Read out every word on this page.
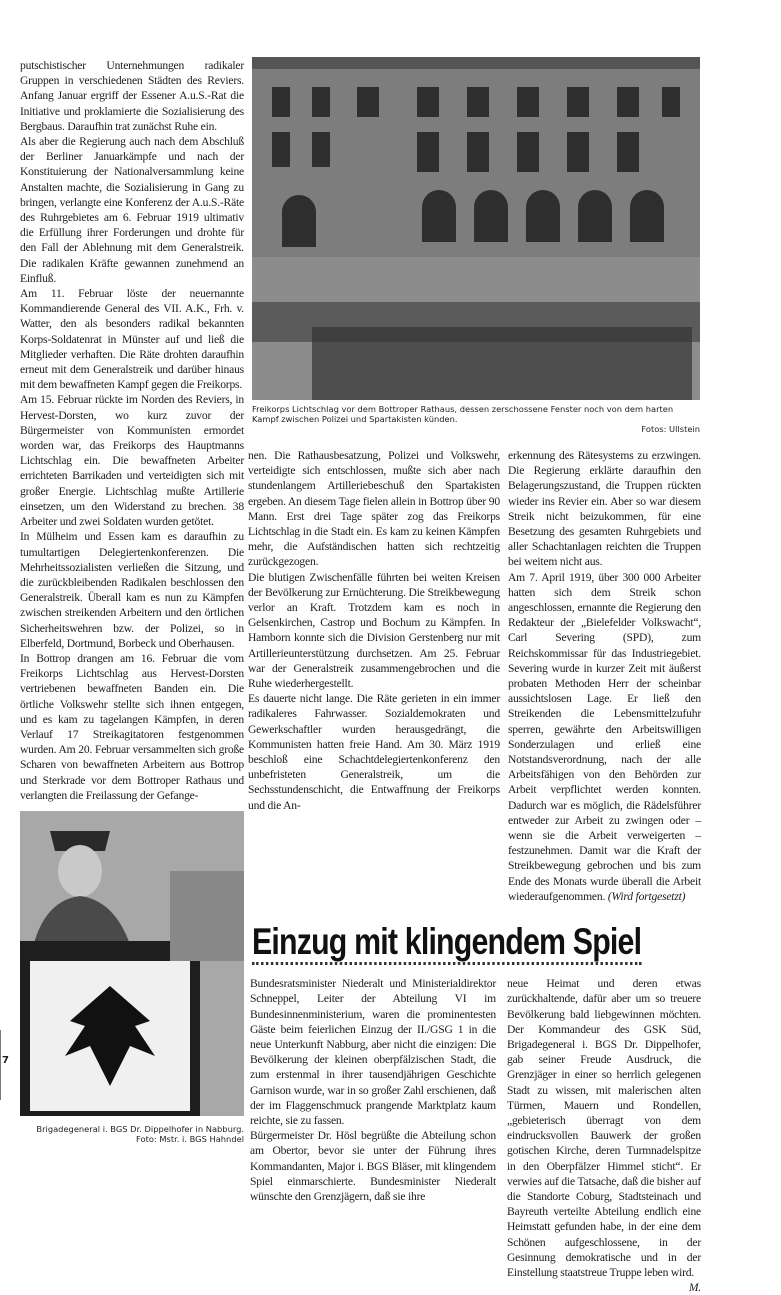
putschistischer Unternehmungen radikaler Gruppen in verschiedenen Städten des Reviers. Anfang Januar ergriff der Essener A.u.S.-Rat die Initiative und proklamierte die Sozialisierung des Bergbaus. Daraufhin trat zunächst Ruhe ein.

Als aber die Regierung auch nach dem Abschluß der Berliner Januarkämpfe und nach der Konstituierung der Nationalversammlung keine Anstalten machte, die Sozialisierung in Gang zu bringen, verlangte eine Konferenz der A.u.S.-Räte des Ruhrgebietes am 6. Februar 1919 ultimativ die Erfüllung ihrer Forderungen und drohte für den Fall der Ablehnung mit dem Generalstreik. Die radikalen Kräfte gewannen zunehmend an Einfluß.

Am 11. Februar löste der neuernannte Kommandierende General des VII. A.K., Frh. v. Watter, den als besonders radikal bekannten Korps-Soldatenrat in Münster auf und ließ die Mitglieder verhaften. Die Räte drohten daraufhin erneut mit dem Generalstreik und darüber hinaus mit dem bewaffneten Kampf gegen die Freikorps.

Am 15. Februar rückte im Norden des Reviers, in Hervest-Dorsten, wo kurz zuvor der Bürgermeister von Kommunisten ermordet worden war, das Freikorps des Hauptmanns Lichtschlag ein. Die bewaffneten Arbeiter errichteten Barrikaden und verteidigten sich mit großer Energie. Lichtschlag mußte Artillerie einsetzen, um den Widerstand zu brechen. 38 Arbeiter und zwei Soldaten wurden getötet.

In Mülheim und Essen kam es daraufhin zu tumultartigen Delegiertenkonferenzen. Die Mehrheitssozialisten verließen die Sitzung, und die zurückbleibenden Radikalen beschlossen den Generalstreik. Überall kam es nun zu Kämpfen zwischen streikenden Arbeitern und den örtlichen Sicherheitswehren bzw. der Polizei, so in Elberfeld, Dortmund, Borbeck und Oberhausen.

In Bottrop drangen am 16. Februar die vom Freikorps Lichtschlag aus Hervest-Dorsten vertriebenen bewaffneten Banden ein. Die örtliche Volkswehr stellte sich ihnen entgegen, und es kam zu tagelangen Kämpfen, in deren Verlauf 17 Streikagitatoren festgenommen wurden. Am 20. Februar versammelten sich große Scharen von bewaffneten Arbeitern aus Bottrop und Sterkrade vor dem Bottroper Rathaus und verlangten die Freilassung der Gefange-

Brigadegeneral i. BGS Dr. Dippelhofer in Nabburg.
Foto: Mstr. i. BGS Hahndel
Freikorps Lichtschlag vor dem Bottroper Rathaus, dessen zerschossene Fenster noch von dem harten Kampf zwischen Polizei und Spartakisten künden.
Fotos: Ullstein

nen. Die Rathausbesatzung, Polizei und Volkswehr, verteidigte sich entschlossen, mußte sich aber nach stundenlangem Artilleriebeschuß den Spartakisten ergeben. An diesem Tage fielen allein in Bottrop über 90 Mann. Erst drei Tage später zog das Freikorps Lichtschlag in die Stadt ein. Es kam zu keinen Kämpfen mehr, die Aufständischen hatten sich rechtzeitig zurückgezogen.

Die blutigen Zwischenfälle führten bei weiten Kreisen der Bevölkerung zur Ernüchterung. Die Streikbewegung verlor an Kraft. Trotzdem kam es noch in Gelsenkirchen, Castrop und Bochum zu Kämpfen. In Hamborn konnte sich die Division Gerstenberg nur mit Artillerieunterstützung durchsetzen. Am 25. Februar war der Generalstreik zusammengebrochen und die Ruhe wiederhergestellt.

Es dauerte nicht lange. Die Räte gerieten in ein immer radikaleres Fahrwasser. Sozialdemokraten und Gewerkschaftler wurden herausgedrängt, die Kommunisten hatten freie Hand. Am 30. März 1919 beschloß eine Schachtdelegiertenkonferenz den unbefristeten Generalstreik, um die Sechsstundenschicht, die Entwaffnung der Freikorps und die An-

erkennung des Rätesystems zu erzwingen. Die Regierung erklärte daraufhin den Belagerungszustand, die Truppen rückten wieder ins Revier ein. Aber so war diesem Streik nicht beizukommen, für eine Besetzung des gesamten Ruhrgebiets und aller Schachtanlagen reichten die Truppen bei weitem nicht aus.

Am 7. April 1919, über 300 000 Arbeiter hatten sich dem Streik schon angeschlossen, ernannte die Regierung den Redakteur der „Bielefelder Volkswacht“, Carl Severing (SPD), zum Reichskommissar für das Industriegebiet. Severing wurde in kurzer Zeit mit äußerst probaten Methoden Herr der scheinbar aussichtslosen Lage. Er ließ den Streikenden die Lebensmittelzufuhr sperren, gewährte den Arbeitswilligen Sonderzulagen und erließ eine Notstandsverordnung, nach der alle Arbeitsfähigen von den Behörden zur Arbeit verpflichtet werden konnten. Dadurch war es möglich, die Rädelsführer entweder zur Arbeit zu zwingen oder – wenn sie die Arbeit verweigerten – festzunehmen. Damit war die Kraft der Streikbewegung gebrochen und bis zum Ende des Monats wurde überall die Arbeit wiederaufgenommen. (Wird fortgesetzt)

Einzug mit klingendem Spiel

Bundesratsminister Niederalt und Ministerialdirektor Schneppel, Leiter der Abteilung VI im Bundesinnenministerium, waren die prominentesten Gäste beim feierlichen Einzug der II./GSG 1 in die neue Unterkunft Nabburg, aber nicht die einzigen: Die Bevölkerung der kleinen oberpfälzischen Stadt, die zum erstenmal in ihrer tausendjährigen Geschichte Garnison wurde, war in so großer Zahl erschienen, daß der im Flaggenschmuck prangende Marktplatz kaum reichte, sie zu fassen.

Bürgermeister Dr. Hösl begrüßte die Abteilung schon am Obertor, bevor sie unter der Führung ihres Kommandanten, Major i. BGS Bläser, mit klingendem Spiel einmarschierte. Bundesminister Niederalt wünschte den Grenzjägern, daß sie ihre

neue Heimat und deren etwas zurückhaltende, dafür aber um so treuere Bevölkerung bald liebgewinnen möchten. Der Kommandeur des GSK Süd, Brigadegeneral i. BGS Dr. Dippelhofer, gab seiner Freude Ausdruck, die Grenzjäger in einer so herrlich gelegenen Stadt zu wissen, mit malerischen alten Türmen, Mauern und Rondellen, „gebieterisch überragt von dem eindrucksvollen Bauwerk der großen gotischen Kirche, deren Turmnadelspitze in den Oberpfälzer Himmel sticht“. Er verwies auf die Tatsache, daß die bisher auf die Standorte Coburg, Stadtsteinach und Bayreuth verteilte Abteilung endlich eine Heimstatt gefunden habe, in der eine dem Schönen aufgeschlossene, in der Gesinnung demokratische und in der Einstellung staatstreue Truppe leben wird.
M.

7
